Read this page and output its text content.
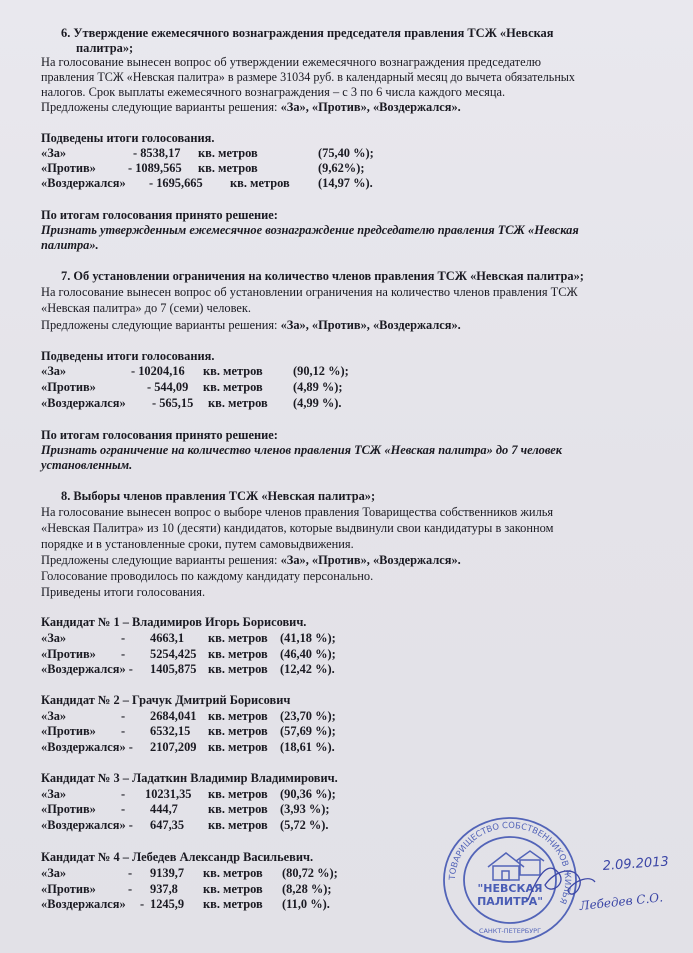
6. Утверждение ежемесячного вознаграждения председателя правления ТСЖ «Невская
палитра»;
На голосование вынесен вопрос об утверждении ежемесячного вознаграждения председателю
правления ТСЖ «Невская палитра» в размере 31034 руб. в календарный месяц до вычета обязательных
налогов. Срок выплаты ежемесячного вознаграждения – с 3 по 6 числа каждого месяца.
Предложены следующие варианты решения: «За», «Против», «Воздержался».
Подведены итоги голосования.
«За»	- 8538,17 кв. метров	(75,40 %);
«Против»	- 1089,565 кв. метров	(9,62%);
«Воздержался» - 1695,665 кв. метров (14,97 %).
По итогам голосования принято решение:
Признать утвержденным ежемесячное вознаграждение председателю правления ТСЖ «Невская
палитра».
7. Об установлении ограничения на количество членов правления ТСЖ «Невская палитра»;
На голосование вынесен вопрос об установлении ограничения на количество членов правления ТСЖ
«Невская палитра» до 7 (семи) человек.
Предложены следующие варианты решения: «За», «Против», «Воздержался».
Подведены итоги голосования.
«За»	- 10204,16 кв. метров (90,12 %);
«Против»	- 544,09 кв. метров (4,89 %);
«Воздержался» - 565,15 кв. метров (4,99 %).
По итогам голосования принято решение:
Признать ограничение на количество членов правления ТСЖ «Невская палитра» до 7 человек
установленным.
8. Выборы членов правления ТСЖ «Невская палитра»;
На голосование вынесен вопрос о выборе членов правления Товарищества собственников жилья
«Невская Палитра» из 10 (десяти) кандидатов, которые выдвинули свои кандидатуры в законном
порядке и в установленные сроки, путем самовыдвижения.
Предложены следующие варианты решения: «За», «Против», «Воздержался».
Голосование проводилось по каждому кандидату персонально.
Приведены итоги голосования.
Кандидат № 1 – Владимиров Игорь Борисович.
«За»	- 4663,1 кв. метров (41,18 %);
«Против» - 5254,425 кв. метров (46,40 %);
«Воздержался» - 1405,875 кв. метров (12,42 %).
Кандидат № 2 – Грачук Дмитрий Борисович
«За»	- 2684,041 кв. метров (23,70 %);
«Против» - 6532,15 кв. метров (57,69 %);
«Воздержался» - 2107,209 кв. метров (18,61 %).
Кандидат № 3 – Ладаткин Владимир Владимирович.
«За»	- 10231,35 кв. метров (90,36 %);
«Против» - 444,7 кв. метров (3,93 %);
«Воздержался» - 647,35 кв. метров (5,72 %).
Кандидат № 4 – Лебедев Александр Васильевич.
«За»	- 9139,7 кв. метров (80,72 %);
«Против»	- 937,8 кв. метров (8,28 %);
«Воздержался» - 1245,9 кв. метров (11,0 %).
ТОВАРИЩЕСТВО СОБСТВЕННИКОВ ЖИЛЬЯ
"НЕВСКАЯ
ПАЛИТРА"
САНКТ-ПЕТЕРБУРГ
2.09.2013
Лебедев С.О.
